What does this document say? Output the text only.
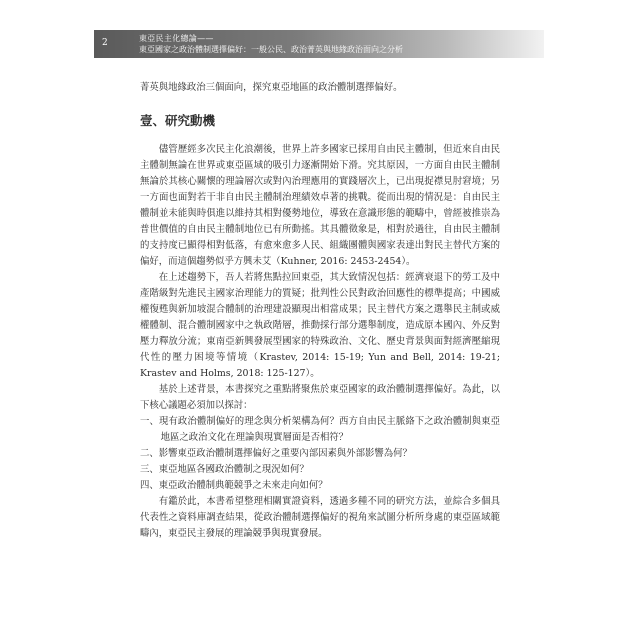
2	東亞民主化總論——
東亞國家之政治體制選擇偏好：一般公民、政治菁英與地緣政治面向之分析

菁英與地緣政治三個面向，探究東亞地區的政治體制選擇偏好。

壹、研究動機

儘管歷經多次民主化浪潮後，世界上許多國家已採用自由民主體制，但近來自由民主體制無論在世界或東亞區域的吸引力逐漸開始下滑。究其原因，一方面自由民主體制無論於其核心關懷的理論層次或對內治理應用的實踐層次上，已出現捉襟見肘窘境；另一方面也面對若干非自由民主體制治理績效卓著的挑戰。從而出現的情況是：自由民主體制並未能與時俱進以維持其相對優勢地位，導致在意識形態的範疇中，曾經被推崇為普世價值的自由民主體制地位已有所動搖。其具體徵象是，相對於過往，自由民主體制的支持度已顯得相對低落，有愈來愈多人民、組織團體與國家表達出對民主替代方案的偏好，而這個趨勢似乎方興未艾（Kuhner, 2016: 2453-2454）。

在上述趨勢下，吾人若將焦點拉回東亞，其大致情況包括：經濟衰退下的勞工及中產階級對先進民主國家治理能力的質疑；批判性公民對政治回應性的標準提高；中國威權復甦與新加坡混合體制的治理建設顯現出相當成果；民主替代方案之選舉民主制或威權體制、混合體制國家中之執政階層，推動採行部分選舉制度，造成原本國內、外反對壓力釋放分流；東南亞新興發展型國家的特殊政治、文化、歷史背景與面對經濟壓縮現代性的壓力困境等情境（Krastev, 2014: 15-19; Yun and Bell, 2014: 19-21; Krastev and Holms, 2018: 125-127）。

基於上述背景，本書探究之重點將聚焦於東亞國家的政治體制選擇偏好。為此，以下核心議題必須加以探討：

一、現有政治體制偏好的理念與分析架構為何？西方自由民主脈絡下之政治體制與東亞地區之政治文化在理論與現實層面是否相符？

二、影響東亞政治體制選擇偏好之重要內部因素與外部影響為何？

三、東亞地區各國政治體制之現況如何？

四、東亞政治體制典範競爭之未來走向如何？

有鑑於此，本書希望整理相關實證資料，透過多種不同的研究方法，並綜合多個具代表性之資料庫調查結果，從政治體制選擇偏好的視角來試圖分析所身處的東亞區域範疇內，東亞民主發展的理論競爭與現實發展。
